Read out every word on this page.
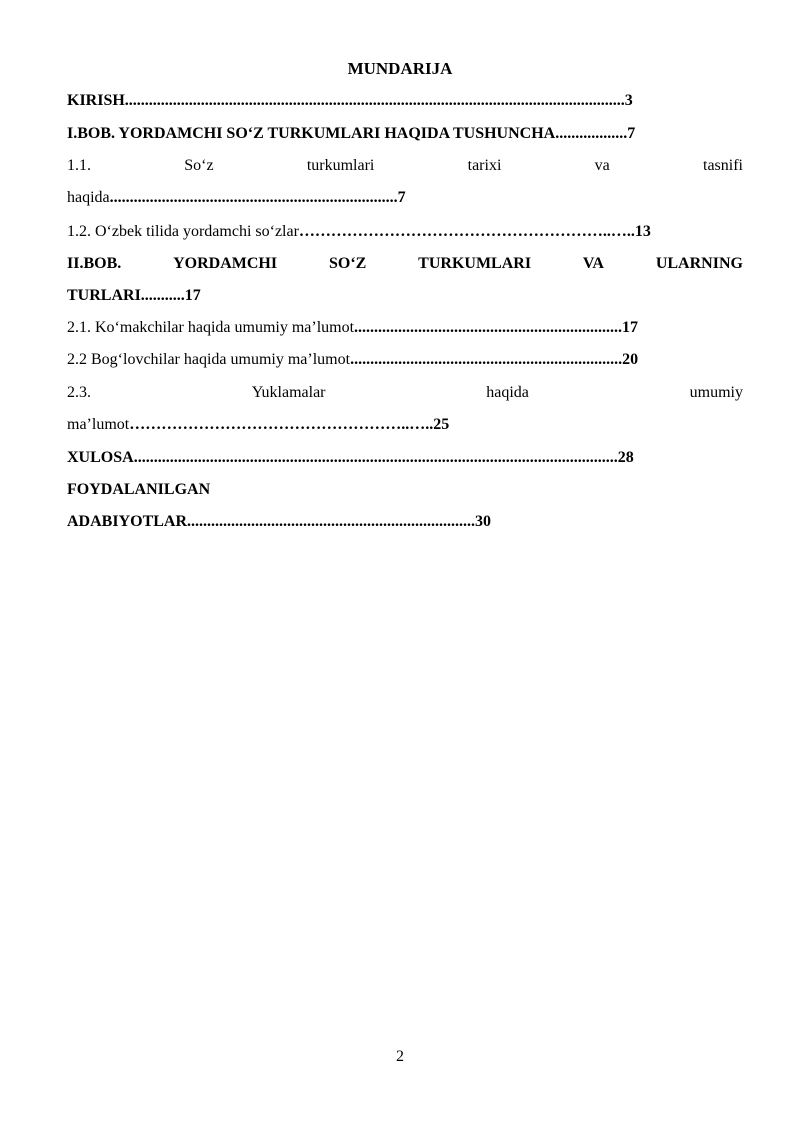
MUNDARIJA
KIRISH.............................................................................................................................3
I.BOB. YORDAMCHI SO‘Z TURKUMLARI HAQIDA TUSHUNCHA..................7
1.1.	So‘z	turkumlari	tarixi	va	tasnifi
haqida........................................................................7
1.2. O‘zbek tilida yordamchi so‘zlar…………………………………………………..…..13
II.BOB.	YORDAMCHI	SO‘Z	TURKUMLARI	VA	ULARNING
TURLARI...........17
2.1. Ko‘makchilar haqida umumiy ma’lumot...................................................................17
2.2 Bog‘lovchilar haqida umumiy ma’lumot....................................................................20
2.3.	Yuklamalar	haqida	umumiy
ma’lumot……………………………………………..…..25
XULOSA.........................................................................................................................28
FOYDALANILGAN
ADABIYOTLAR........................................................................30
2
